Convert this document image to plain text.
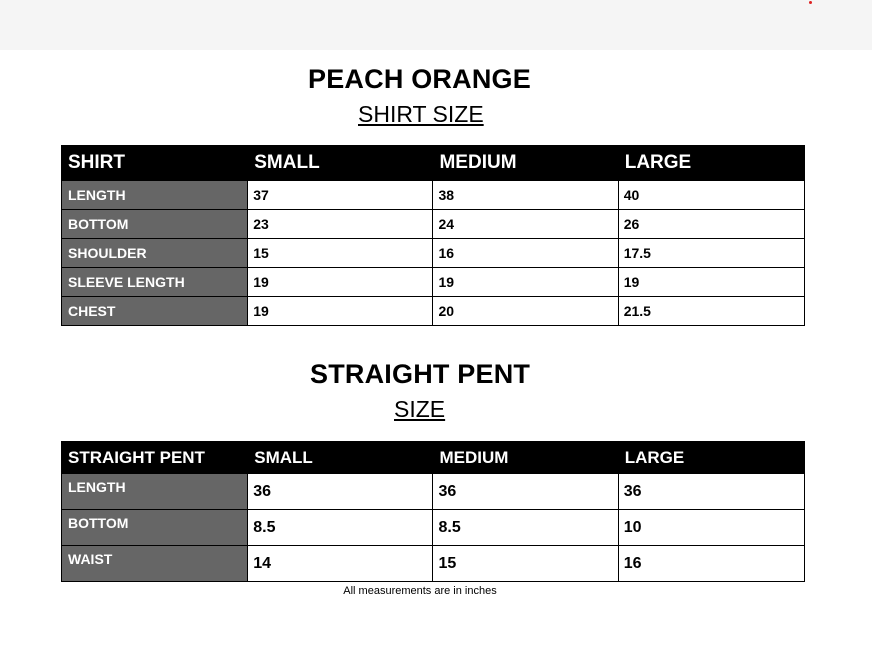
PEACH ORANGE
SHIRT SIZE
SHIRT	SMALL	MEDIUM	LARGE
LENGTH	37	38	40
BOTTOM	23	24	26
SHOULDER	15	16	17.5
SLEEVE LENGTH	19	19	19
CHEST	19	20	21.5
STRAIGHT PENT
SIZE
STRAIGHT PENT	SMALL	MEDIUM	LARGE
LENGTH	36	36	36
BOTTOM	8.5	8.5	10
WAIST	14	15	16
All measurements are in inches
